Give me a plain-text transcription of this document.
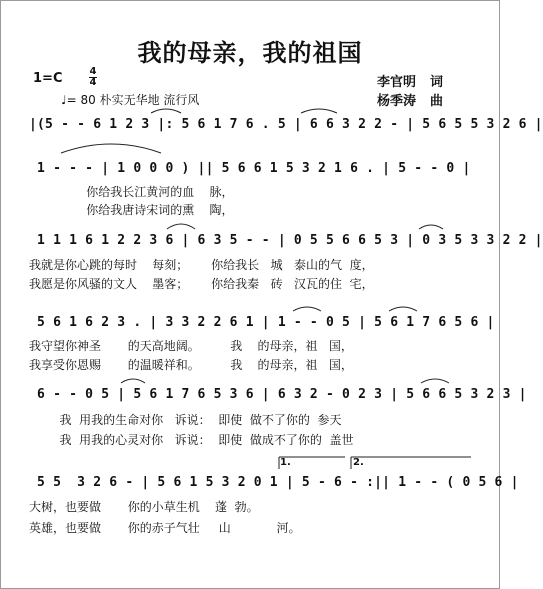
我的母亲，我的祖国
1=C	4
4
♩= 80 朴实无华地 流行风
李官明 词
杨季涛 曲
|(5 - - 6 1 2 3 |: 5 6 1 7 6 . 5 | 6 6 3 2 2 - | 5 6 5 5 3 2 6 |
1 - - - | 1 0 0 0 ) || 5 6 6 1 5 3 2 1 6 . | 5 - - 0 |
你给我长江黄河的血    脉，
你给我唐诗宋词的熏    陶，
1 1 1 6 1 2 2 3 6 | 6 3 5 - - | 0 5 5 6 6 5 3 | 0 3 5 3 3 2 2 |
我就是你心跳的每时    每刻；      你给我长   城   泰山的气  度，
我愿是你风骚的文人    墨客；      你给我秦   砖   汉瓦的住  宅，
5 6 1 6 2 3 . | 3 3 2 2 6 1 | 1 - - 0 5 | 5 6 1 7 6 5 6 |
我守望你神圣       的天高地阔。        我    的母亲，祖   国，
我享受你恩赐       的温暖祥和。        我    的母亲，祖   国，
6 - - 0 5 | 5 6 1 7 6 5 3 6 | 6 3 2 - 0 2 3 | 5 6 6 5 3 2 3 |
我  用我的生命对你   诉说：  即使  做不了你的  参天
我  用我的心灵对你   诉说：  即使  做成不了你的  盖世
5 5  3 2 6 - | 5 6 1 5 3 2 0 1 | 5 - 6 - :|| 1 - - ( 0 5 6 |
大树，也要做       你的小草生机    蓬  勃。
英雄，也要做       你的赤子气壮     山            河。
1.	2.
